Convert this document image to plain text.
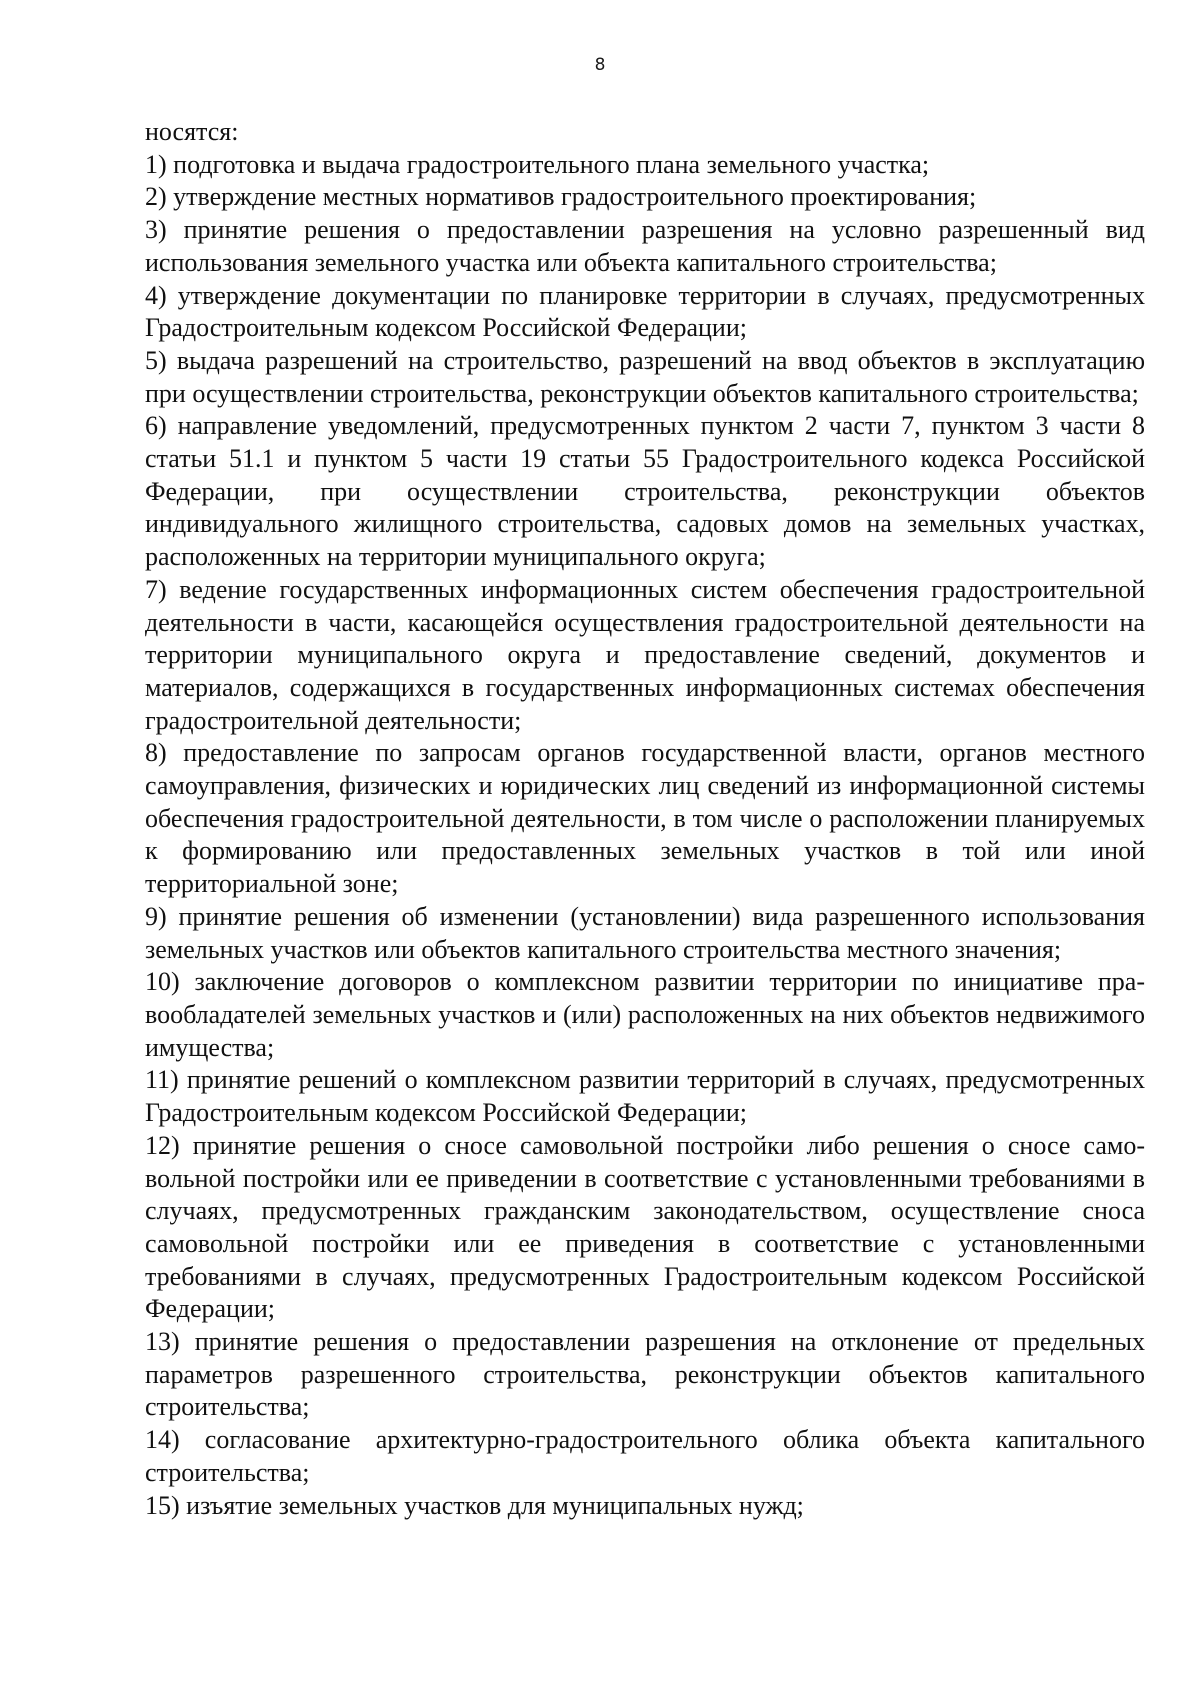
8

носятся:

1) подготовка и выдача градостроительного плана земельного участка;

2) утверждение местных нормативов градостроительного проектирования;

3) принятие решения о предоставлении разрешения на условно разрешенный вид использования земельного участка или объекта капитального строительства;

4) утверждение документации по планировке территории в случаях, предусмотренных Градостроительным кодексом Российской Федерации;

5) выдача разрешений на строительство, разрешений на ввод объектов в эксплуатацию при осуществлении строительства, реконструкции объектов капитального строительства;

6) направление уведомлений, предусмотренных пунктом 2 части 7, пунктом 3 части 8 статьи 51.1 и пунктом 5 части 19 статьи 55 Градостроительного кодекса Российской Федерации, при осуществлении строительства, реконструкции объектов индивидуального жилищного строительства, садовых домов на земельных участках, расположенных на территории муниципального округа;

7) ведение государственных информационных систем обеспечения градостроительной деятельности в части, касающейся осуществления градостроительной деятельности на территории муниципального округа и предоставление сведений, документов и материалов, содержащихся в государственных информационных системах обеспечения градостроительной деятельности;

8) предоставление по запросам органов государственной власти, органов местного самоуправления, физических и юридических лиц сведений из информационной системы обеспечения градостроительной деятельности, в том числе о расположении планируемых к формированию или предоставленных земельных участков в той или иной территориальной зоне;

9) принятие решения об изменении (установлении) вида разрешенного использования земельных участков или объектов капитального строительства местного значения;

10) заключение договоров о комплексном развитии территории по инициативе правообладателей земельных участков и (или) расположенных на них объектов недвижимого имущества;

11) принятие решений о комплексном развитии территорий в случаях, предусмотренных Градостроительным кодексом Российской Федерации;

12) принятие решения о сносе самовольной постройки либо решения о сносе самовольной постройки или ее приведении в соответствие с установленными требованиями в случаях, предусмотренных гражданским законодательством, осуществление сноса самовольной постройки или ее приведения в соответствие с установленными требованиями в случаях, предусмотренных Градостроительным кодексом Российской Федерации;

13) принятие решения о предоставлении разрешения на отклонение от предельных параметров разрешенного строительства, реконструкции объектов капитального строительства;

14) согласование архитектурно-градостроительного облика объекта капитального строительства;

15) изъятие земельных участков для муниципальных нужд;
